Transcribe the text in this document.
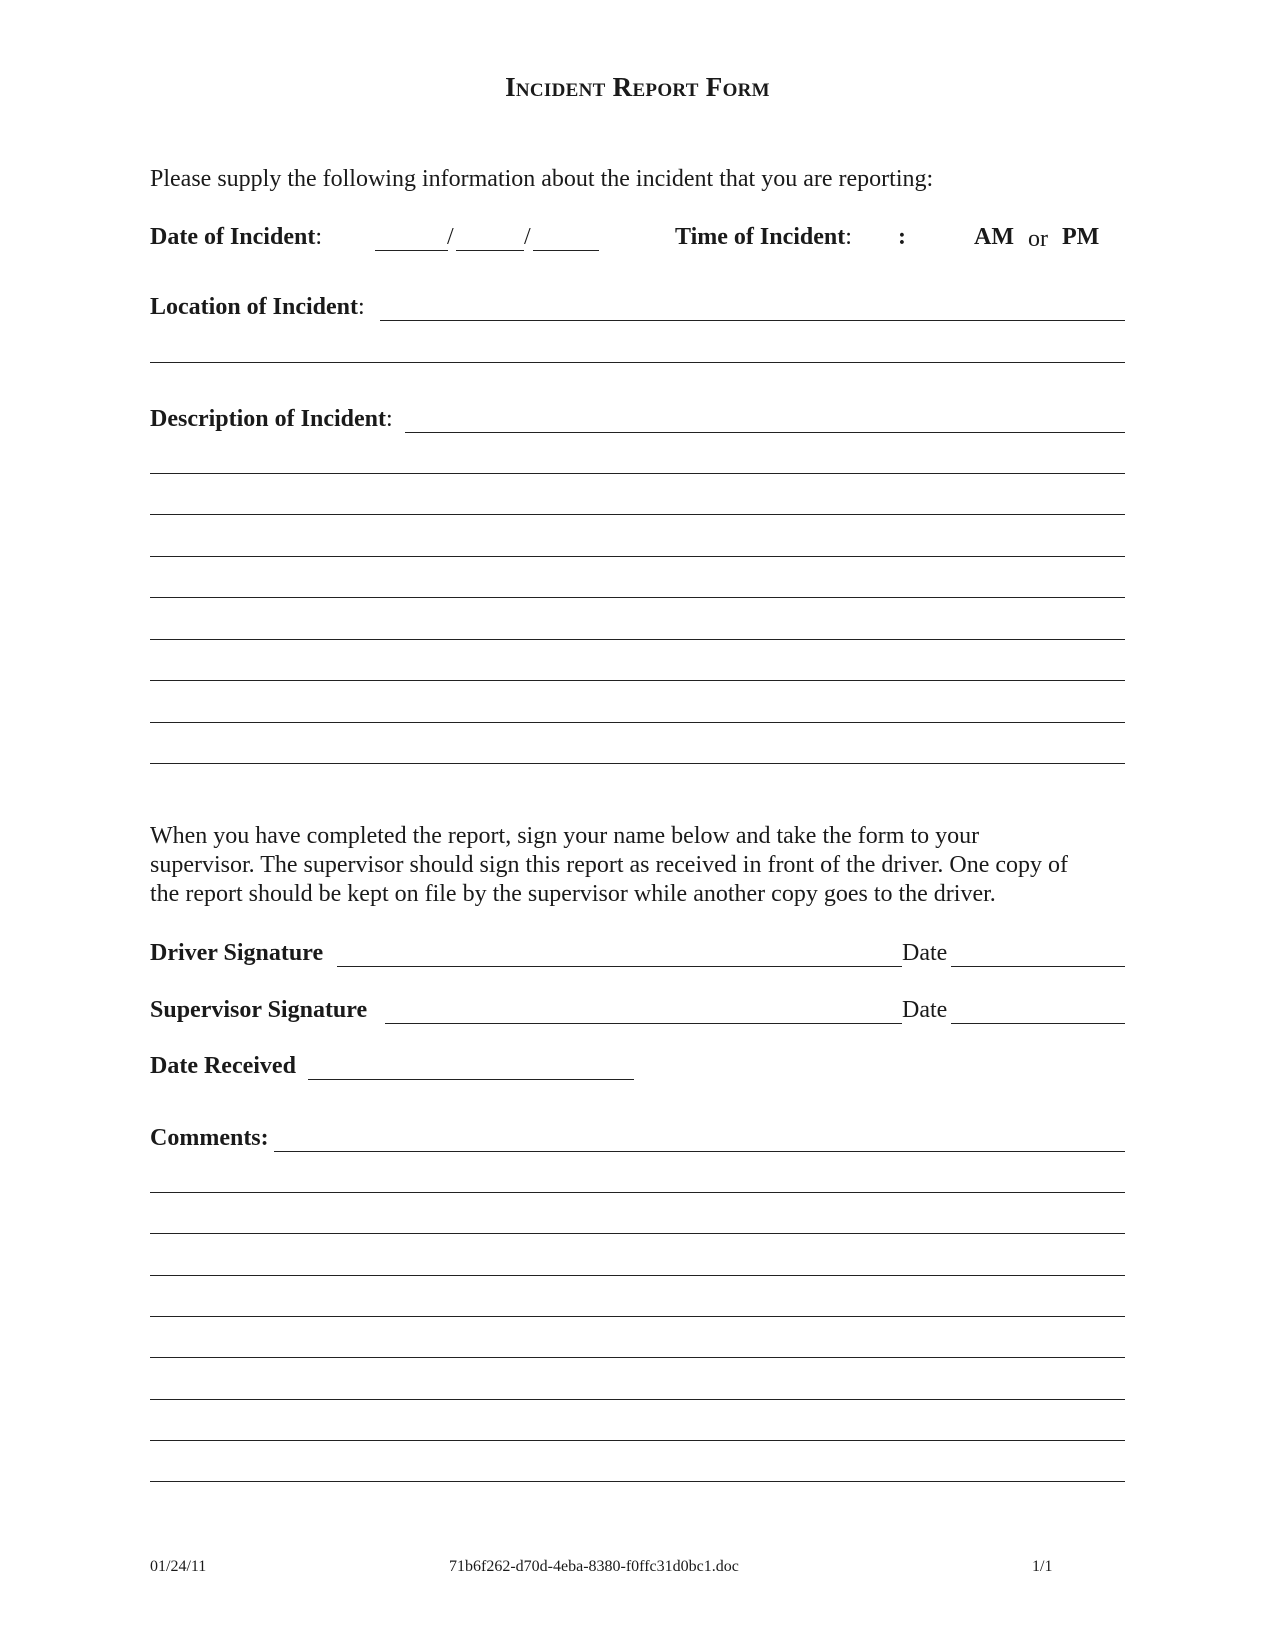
Incident Report Form
Please supply the following information about the incident that you are reporting:
Date of Incident:	/	/	Time of Incident: :	AM or PM
Location of Incident:
Description of Incident:
When you have completed the report, sign your name below and take the form to your
supervisor. The supervisor should sign this report as received in front of the driver. One copy of
the report should be kept on file by the supervisor while another copy goes to the driver.
Driver Signature	Date
Supervisor Signature	Date
Date Received
Comments:
01/24/11	71b6f262-d70d-4eba-8380-f0ffc31d0bc1.doc	1/1
